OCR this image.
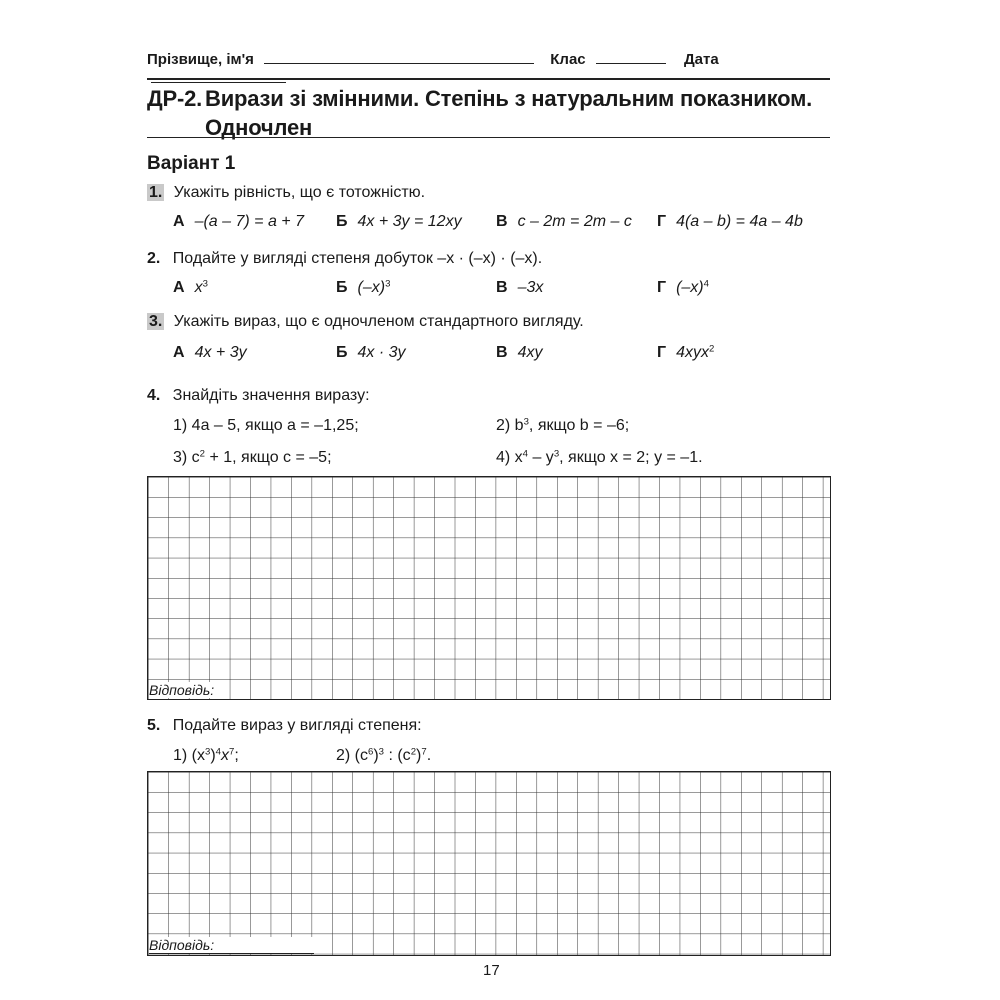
Прізвище, ім'я	Клас	Дата
ДР-2. Вирази зі змінними. Степінь з натуральним показником.
Одночлен
Варіант 1
1. Укажіть рівність, що є тотожністю.
А –(a – 7) = a + 7 Б 4x + 3y = 12xy В c – 2m = 2m – c Г 4(a – b) = 4a – 4b
2. Подайте у вигляді степеня добуток –x · (–x) · (–x).
А $x^3$	Б $(-x)^3$	В –3x	Г $(-x)^4$
3. Укажіть вираз, що є одночленом стандартного вигляду.
А 4x + 3y	Б 4x · 3y	В 4xy	Г 4xyx$^2$
4. Знайдіть значення виразу:
1) 4a – 5, якщо a = –1,25;	2) $b^3$, якщо b = –6;
3) $c^2 + 1$, якщо c = –5;	4) $x^4 - y^3$, якщо x = 2; y = –1.
Відповідь:
5. Подайте вираз у вигляді степеня:
1) $(x^3)^4x^7$;	2) $(c^6)^3$ : $(c^2)^7$.
Відповідь:
17
